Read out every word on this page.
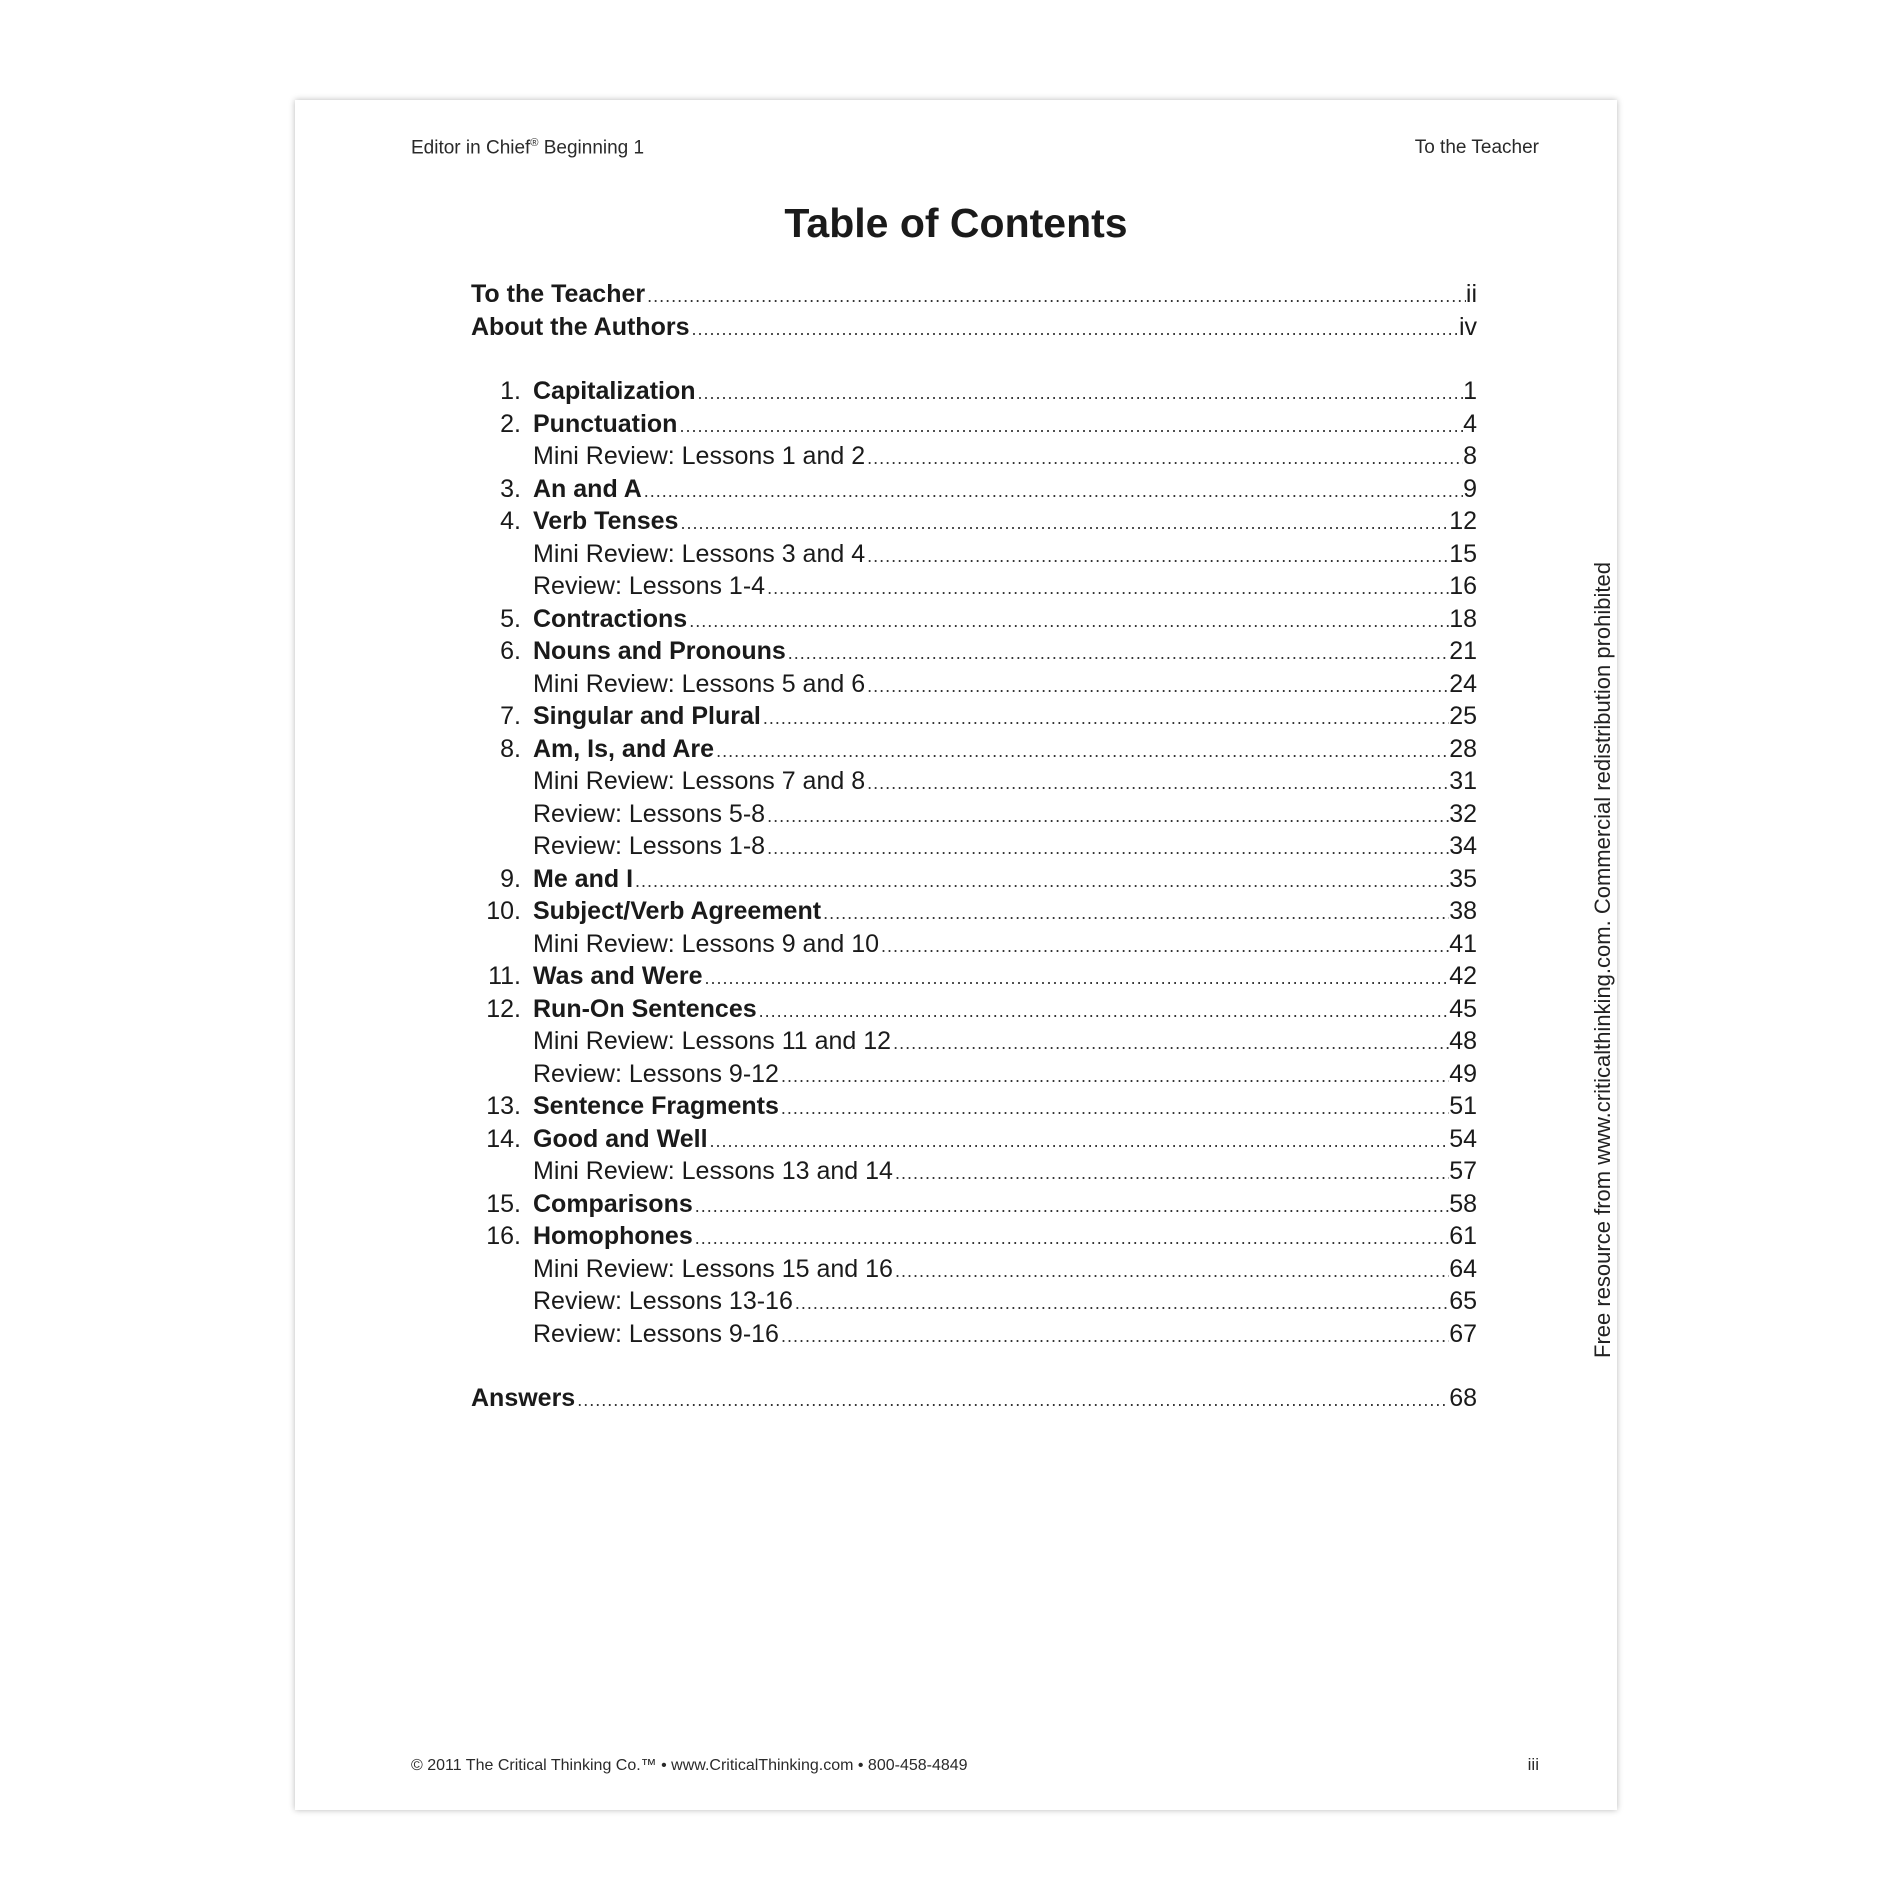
Editor in Chief® Beginning 1	To the Teacher
Table of Contents
To the Teacher .....	ii
About the Authors .....	iv
1. Capitalization .....	1
2. Punctuation .....	4
Mini Review: Lessons 1 and 2 .....	8
3. An and A .....	9
4. Verb Tenses .....	12
Mini Review: Lessons 3 and 4 .....	15
Review: Lessons 1-4 .....	16
5. Contractions .....	18
6. Nouns and Pronouns .....	21
Mini Review: Lessons 5 and 6 .....	24
7. Singular and Plural .....	25
8. Am, Is, and Are .....	28
Mini Review: Lessons 7 and 8 .....	31
Review: Lessons 5-8 .....	32
Review: Lessons 1-8 .....	34
9. Me and I .....	35
10. Subject/Verb Agreement .....	38
Mini Review: Lessons 9 and 10 .....	41
11. Was and Were .....	42
12. Run-On Sentences .....	45
Mini Review: Lessons 11 and 12 .....	48
Review: Lessons 9-12 .....	49
13. Sentence Fragments .....	51
14. Good and Well .....	54
Mini Review: Lessons 13 and 14 .....	57
15. Comparisons .....	58
16. Homophones .....	61
Mini Review: Lessons 15 and 16 .....	64
Review: Lessons 13-16 .....	65
Review: Lessons 9-16 .....	67
Answers .....	68
Free resource from www.criticalthinking.com. Commercial redistribution prohibited
© 2011 The Critical Thinking Co.™ • www.CriticalThinking.com • 800-458-4849	iii
